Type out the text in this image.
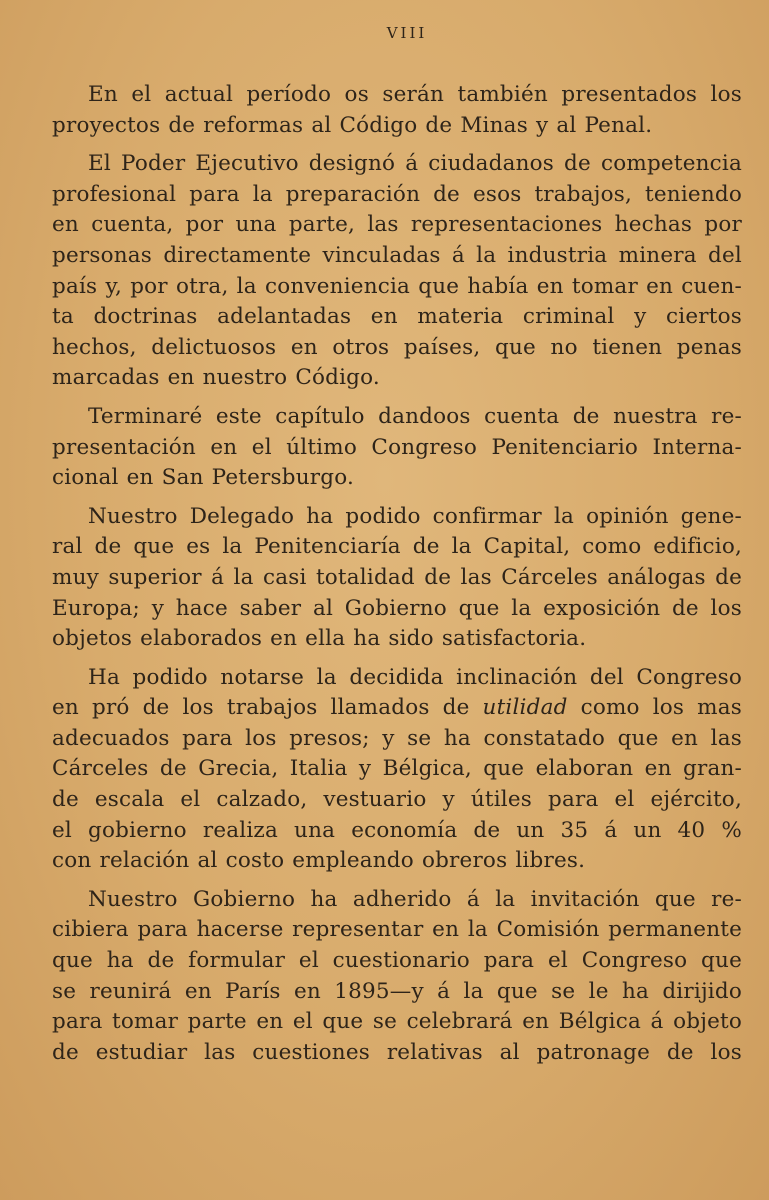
VIII

En el actual período os serán también presentados los
proyectos de reformas al Código de Minas y al Penal.

El Poder Ejecutivo designó á ciudadanos de competencia
profesional para la preparación de esos trabajos, teniendo
en cuenta, por una parte, las representaciones hechas por
personas directamente vinculadas á la industria minera del
país y, por otra, la conveniencia que había en tomar en cuen-
ta doctrinas adelantadas en materia criminal y ciertos
hechos, delictuosos en otros países, que no tienen penas
marcadas en nuestro Código.

Terminaré este capítulo dandoos cuenta de nuestra re-
presentación en el último Congreso Penitenciario Interna-
cional en San Petersburgo.

Nuestro Delegado ha podido confirmar la opinión gene-
ral de que es la Penitenciaría de la Capital, como edificio,
muy superior á la casi totalidad de las Cárceles análogas de
Europa; y hace saber al Gobierno que la exposición de los
objetos elaborados en ella ha sido satisfactoria.

Ha podido notarse la decidida inclinación del Congreso
en pró de los trabajos llamados de utilidad como los mas
adecuados para los presos; y se ha constatado que en las
Cárceles de Grecia, Italia y Bélgica, que elaboran en gran-
de escala el calzado, vestuario y útiles para el ejército,
el gobierno realiza una economía de un 35 á un 40 %
con relación al costo empleando obreros libres.

Nuestro Gobierno ha adherido á la invitación que re-
cibiera para hacerse representar en la Comisión permanente
que ha de formular el cuestionario para el Congreso que
se reunirá en París en 1895—y á la que se le ha dirijido
para tomar parte en el que se celebrará en Bélgica á objeto
de estudiar las cuestiones relativas al patronage de los
